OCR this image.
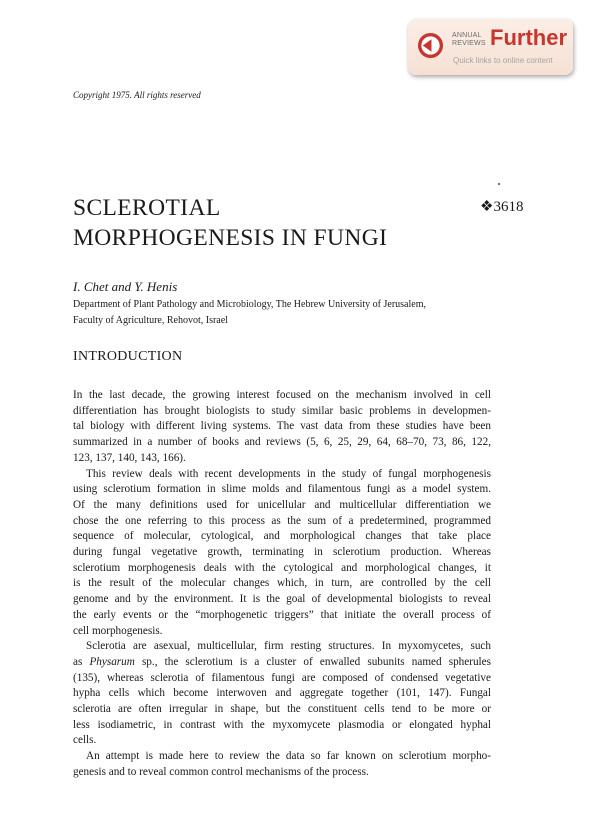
ANNUAL
REVIEWS Further
Quick links to online content
Copyright 1975. All rights reserved
SCLEROTIAL
MORPHOGENESIS IN FUNGI
❖3618
I. Chet and Y. Henis
Department of Plant Pathology and Microbiology, The Hebrew University of Jerusalem,
Faculty of Agriculture, Rehovot, Israel
INTRODUCTION
In the last decade, the growing interest focused on the mechanism involved in cell
differentiation has brought biologists to study similar basic problems in developmen-
tal biology with different living systems. The vast data from these studies have been
summarized in a number of books and reviews (5, 6, 25, 29, 64, 68–70, 73, 86, 122,
123, 137, 140, 143, 166).
This review deals with recent developments in the study of fungal morphogenesis
using sclerotium formation in slime molds and filamentous fungi as a model system.
Of the many definitions used for unicellular and multicellular differentiation we
chose the one referring to this process as the sum of a predetermined, programmed
sequence of molecular, cytological, and morphological changes that take place
during fungal vegetative growth, terminating in sclerotium production. Whereas
sclerotium morphogenesis deals with the cytological and morphological changes, it
is the result of the molecular changes which, in turn, are controlled by the cell
genome and by the environment. It is the goal of developmental biologists to reveal
the early events or the “morphogenetic triggers” that initiate the overall process of
cell morphogenesis.
Sclerotia are asexual, multicellular, firm resting structures. In myxomycetes, such
as Physarum sp., the sclerotium is a cluster of enwalled subunits named spherules
(135), whereas sclerotia of filamentous fungi are composed of condensed vegetative
hypha cells which become interwoven and aggregate together (101, 147). Fungal
sclerotia are often irregular in shape, but the constituent cells tend to be more or
less isodiametric, in contrast with the myxomycete plasmodia or elongated hyphal
cells.
An attempt is made here to review the data so far known on sclerotium morpho-
genesis and to reveal common control mechanisms of the process.
